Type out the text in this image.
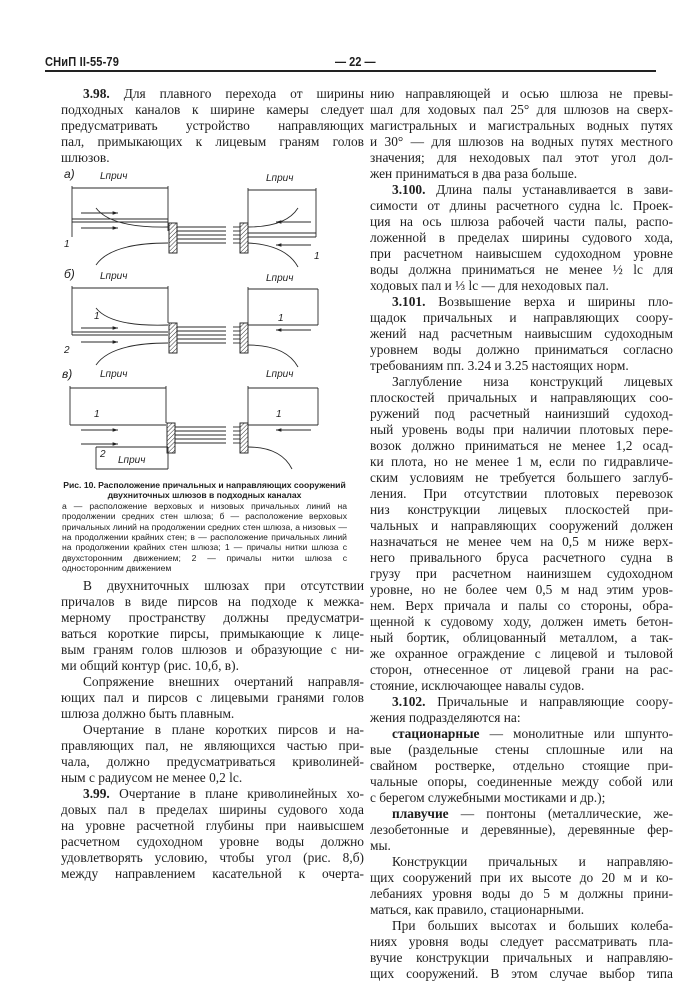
СНиП II-55-79	— 22 —
3.98. Для плавного перехода от ширины
подходных каналов к ширине камеры следует
предусматривать устройство направляющих
пал, примыкающих к лицевым граням голов
шлюзов.
а)	Lприч	Lприч
1
1
б)	Lприч	Lприч
1
2
1
в)	Lприч	Lприч
Lприч
1
2
1
Рис. 10. Расположение причальных и направляющих сооружений двухниточных шлюзов в подходных каналах
а — расположение верховых и низовых причальных линий на продолжении средних стен шлюза; б — расположение верховых причальных линий на продолжении средних стен шлюза, а низовых — на продолжении крайних стен; в — расположение причальных линий на продолжении крайних стен шлюза; 1 — причалы нитки шлюза с двухсторонним движением; 2 — причалы нитки шлюза с односторонним движением
В двухниточных шлюзах при отсутствии
причалов в виде пирсов на подходе к межка-
мерному пространству должны предусматри-
ваться короткие пирсы, примыкающие к лице-
вым граням голов шлюзов и образующие с ни-
ми общий контур (рис. 10,б, в).
Сопряжение внешних очертаний направля-
ющих пал и пирсов с лицевыми гранями голов
шлюза должно быть плавным.
Очертание в плане коротких пирсов и на-
правляющих пал, не являющихся частью при-
чала, должно предусматриваться криволиней-
ным с радиусом не менее 0,2 lс.
3.99. Очертание в плане криволинейных хо-
довых пал в пределах ширины судового хода
на уровне расчетной глубины при наивысшем
расчетном судоходном уровне воды должно
удовлетворять условию, чтобы угол (рис. 8,б)
между направлением касательной к очерта-
нию направляющей и осью шлюза не превы-
шал для ходовых пал 25° для шлюзов на сверх-
магистральных и магистральных водных путях
и 30° — для шлюзов на водных путях местного
значения; для неходовых пал этот угол дол-
жен приниматься в два раза больше.
3.100. Длина палы устанавливается в зави-
симости от длины расчетного судна lс. Проек-
ция на ось шлюза рабочей части палы, распо-
ложенной в пределах ширины судового хода,
при расчетном наивысшем судоходном уровне
воды должна приниматься не менее ½ lс для
ходовых пал и ⅓ lс — для неходовых пал.
3.101. Возвышение верха и ширины пло-
щадок причальных и направляющих соору-
жений над расчетным наивысшим судоходным
уровнем воды должно приниматься согласно
требованиям пп. 3.24 и 3.25 настоящих норм.
Заглубление низа конструкций лицевых
плоскостей причальных и направляющих соо-
ружений под расчетный наинизший судоход-
ный уровень воды при наличии плотовых пере-
возок должно приниматься не менее 1,2 осад-
ки плота, но не менее 1 м, если по гидравличе-
ским условиям не требуется большего заглуб-
ления. При отсутствии плотовых перевозок
низ конструкции лицевых плоскостей при-
чальных и направляющих сооружений должен
назначаться не менее чем на 0,5 м ниже верх-
него привального бруса расчетного судна в
грузу при расчетном наинизшем судоходном
уровне, но не более чем 0,5 м над этим уров-
нем. Верх причала и палы со стороны, обра-
щенной к судовому ходу, должен иметь бетон-
ный бортик, облицованный металлом, а так-
же охранное ограждение с лицевой и тыловой
сторон, отнесенное от лицевой грани на рас-
стояние, исключающее навалы судов.
3.102. Причальные и направляющие соору-
жения подразделяются на:
стационарные — монолитные или шпунто-
вые (раздельные стены сплошные или на
свайном ростверке, отдельно стоящие при-
чальные опоры, соединенные между собой или
с берегом служебными мостиками и др.);
плавучие — понтоны (металлические, же-
лезобетонные и деревянные), деревянные фер-
мы.
Конструкции причальных и направляю-
щих сооружений при их высоте до 20 м и ко-
лебаниях уровня воды до 5 м должны прини-
маться, как правило, стационарными.
При больших высотах и больших колеба-
ниях уровня воды следует рассматривать пла-
вучие конструкции причальных и направляю-
щих сооружений. В этом случае выбор типа
